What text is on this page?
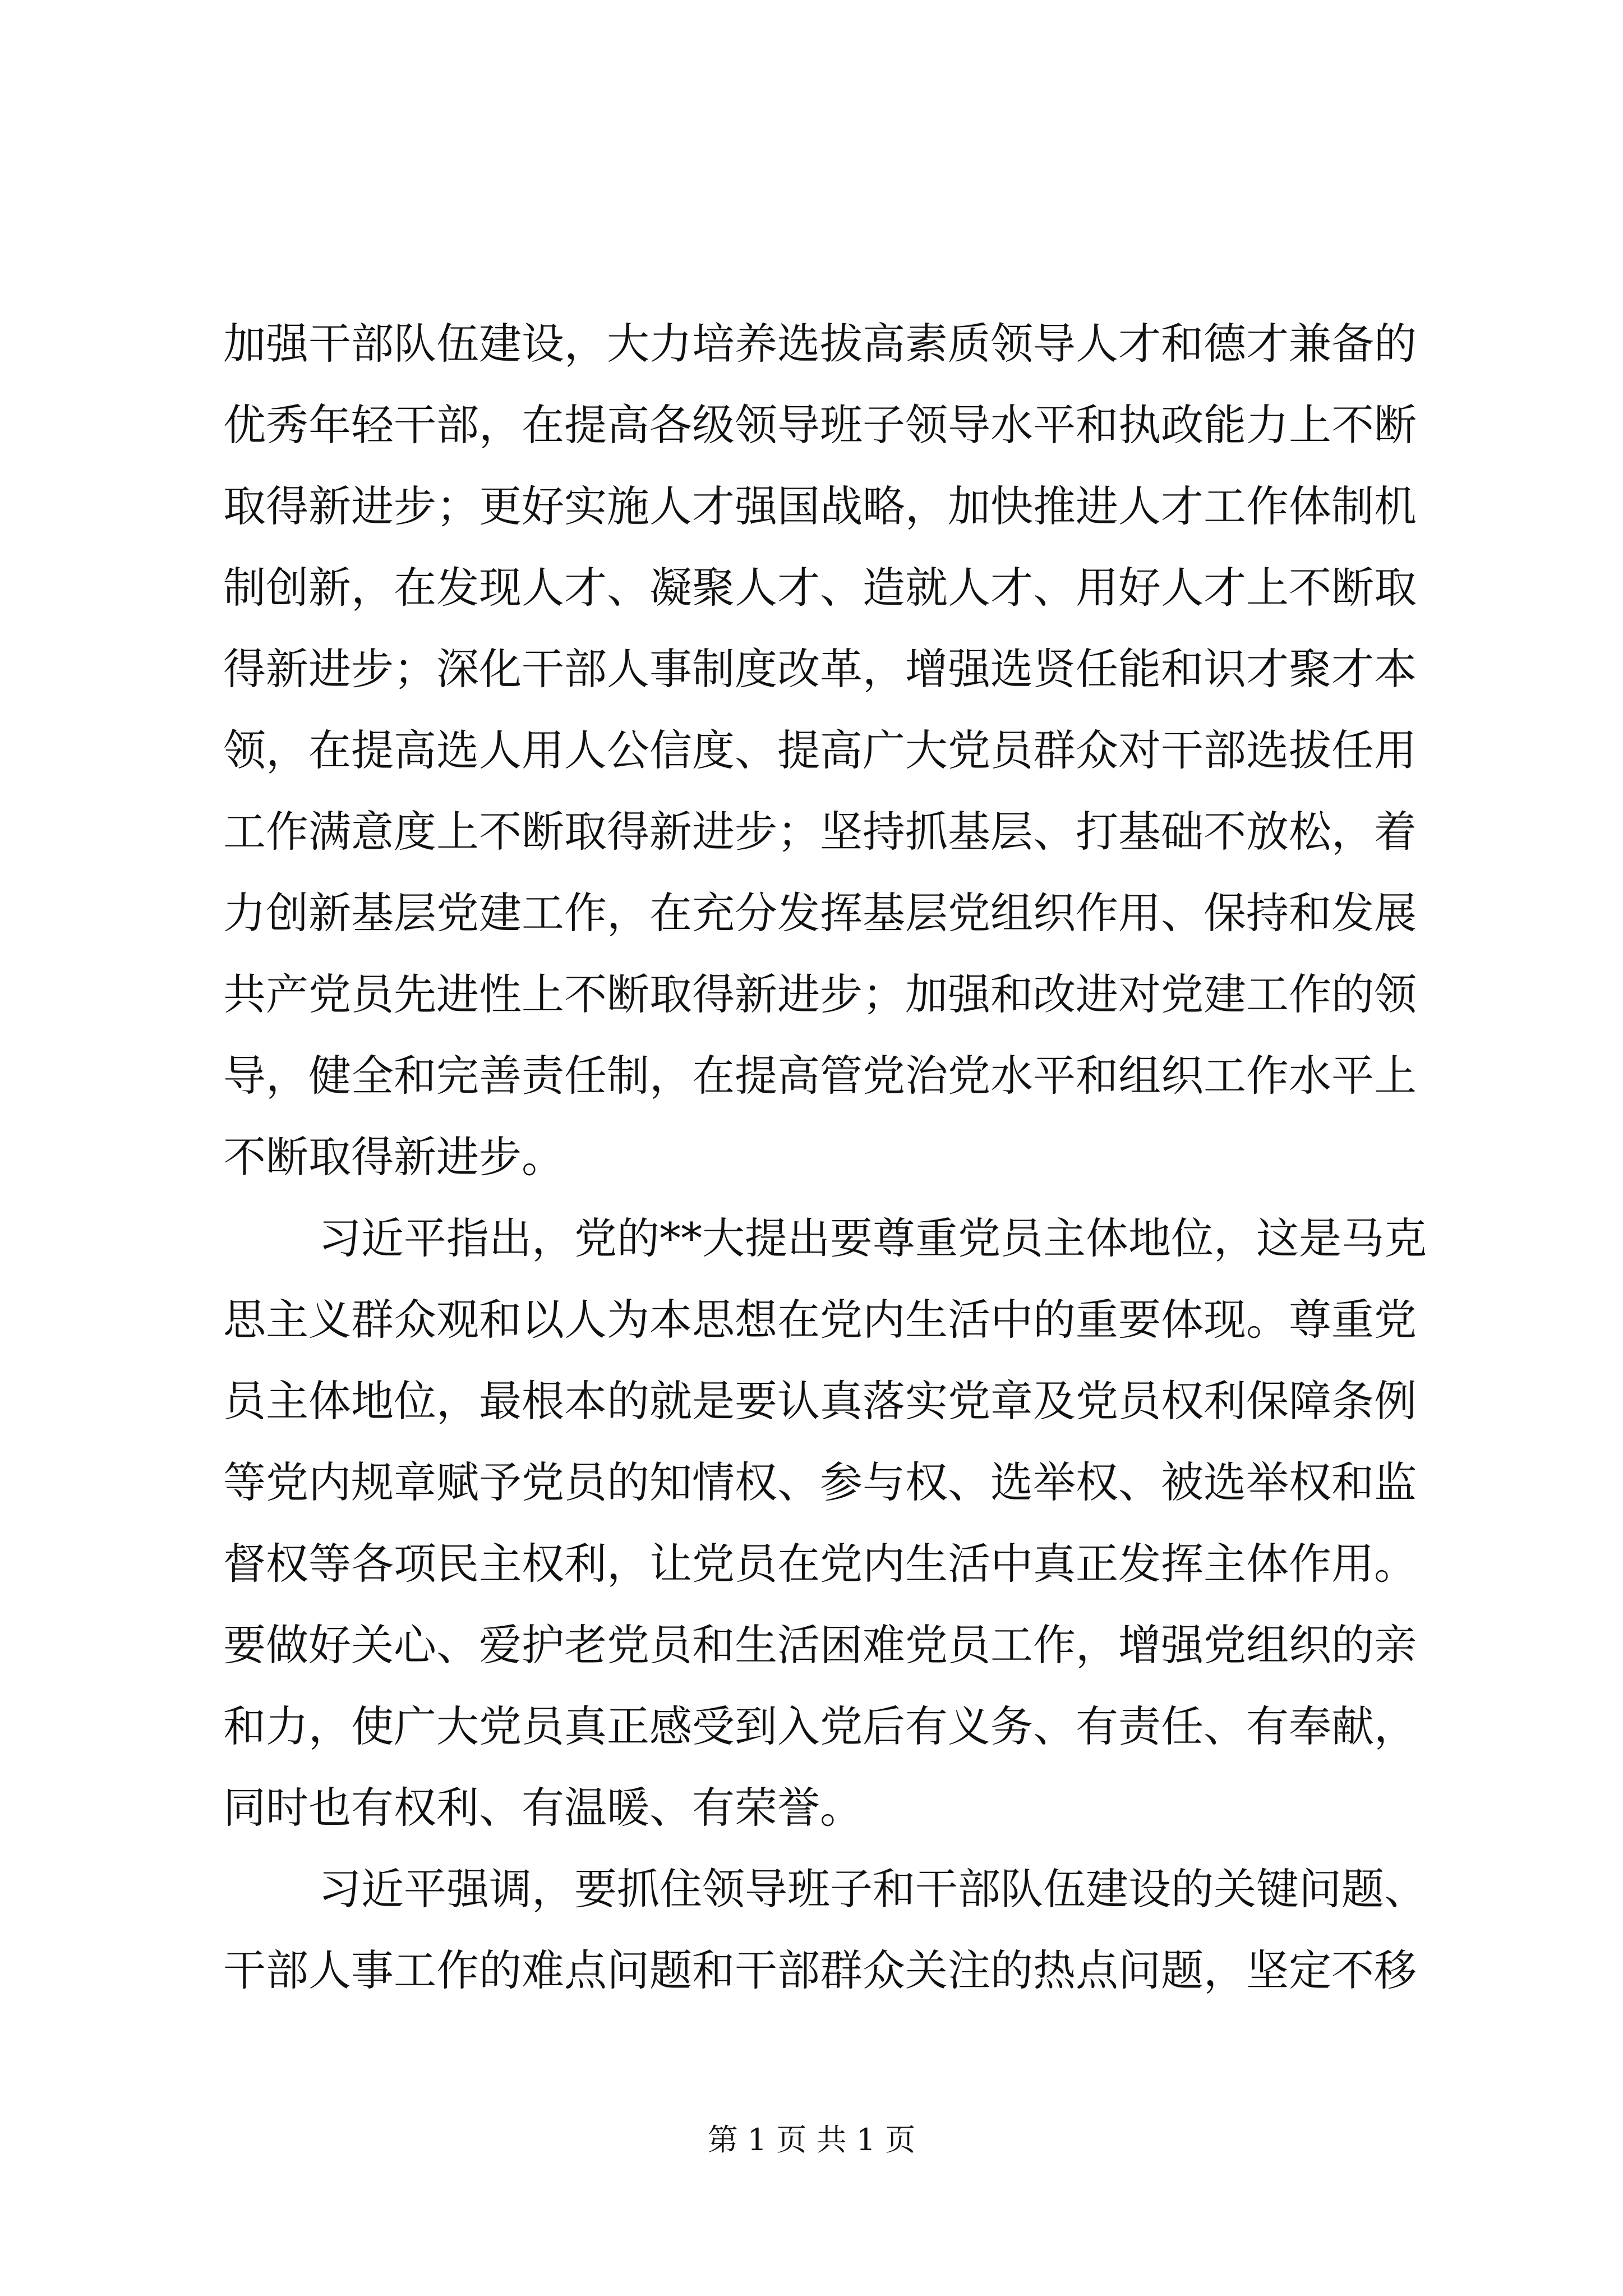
加强干部队伍建设，大力培养选拔高素质领导人才和德才兼备的
优秀年轻干部，在提高各级领导班子领导水平和执政能力上不断
取得新进步；更好实施人才强国战略，加快推进人才工作体制机
制创新，在发现人才、凝聚人才、造就人才、用好人才上不断取
得新进步；深化干部人事制度改革，增强选贤任能和识才聚才本
领，在提高选人用人公信度、提高广大党员群众对干部选拔任用
工作满意度上不断取得新进步；坚持抓基层、打基础不放松，着
力创新基层党建工作，在充分发挥基层党组织作用、保持和发展
共产党员先进性上不断取得新进步；加强和改进对党建工作的领
导，健全和完善责任制，在提高管党治党水平和组织工作水平上
不断取得新进步。
习近平指出，党的**大提出要尊重党员主体地位，这是马克
思主义群众观和以人为本思想在党内生活中的重要体现。尊重党
员主体地位，最根本的就是要认真落实党章及党员权利保障条例
等党内规章赋予党员的知情权、参与权、选举权、被选举权和监
督权等各项民主权利，让党员在党内生活中真正发挥主体作用。
要做好关心、爱护老党员和生活困难党员工作，增强党组织的亲
和力，使广大党员真正感受到入党后有义务、有责任、有奉献，
同时也有权利、有温暖、有荣誉。
习近平强调，要抓住领导班子和干部队伍建设的关键问题、
干部人事工作的难点问题和干部群众关注的热点问题，坚定不移
第 1 页 共 1 页
